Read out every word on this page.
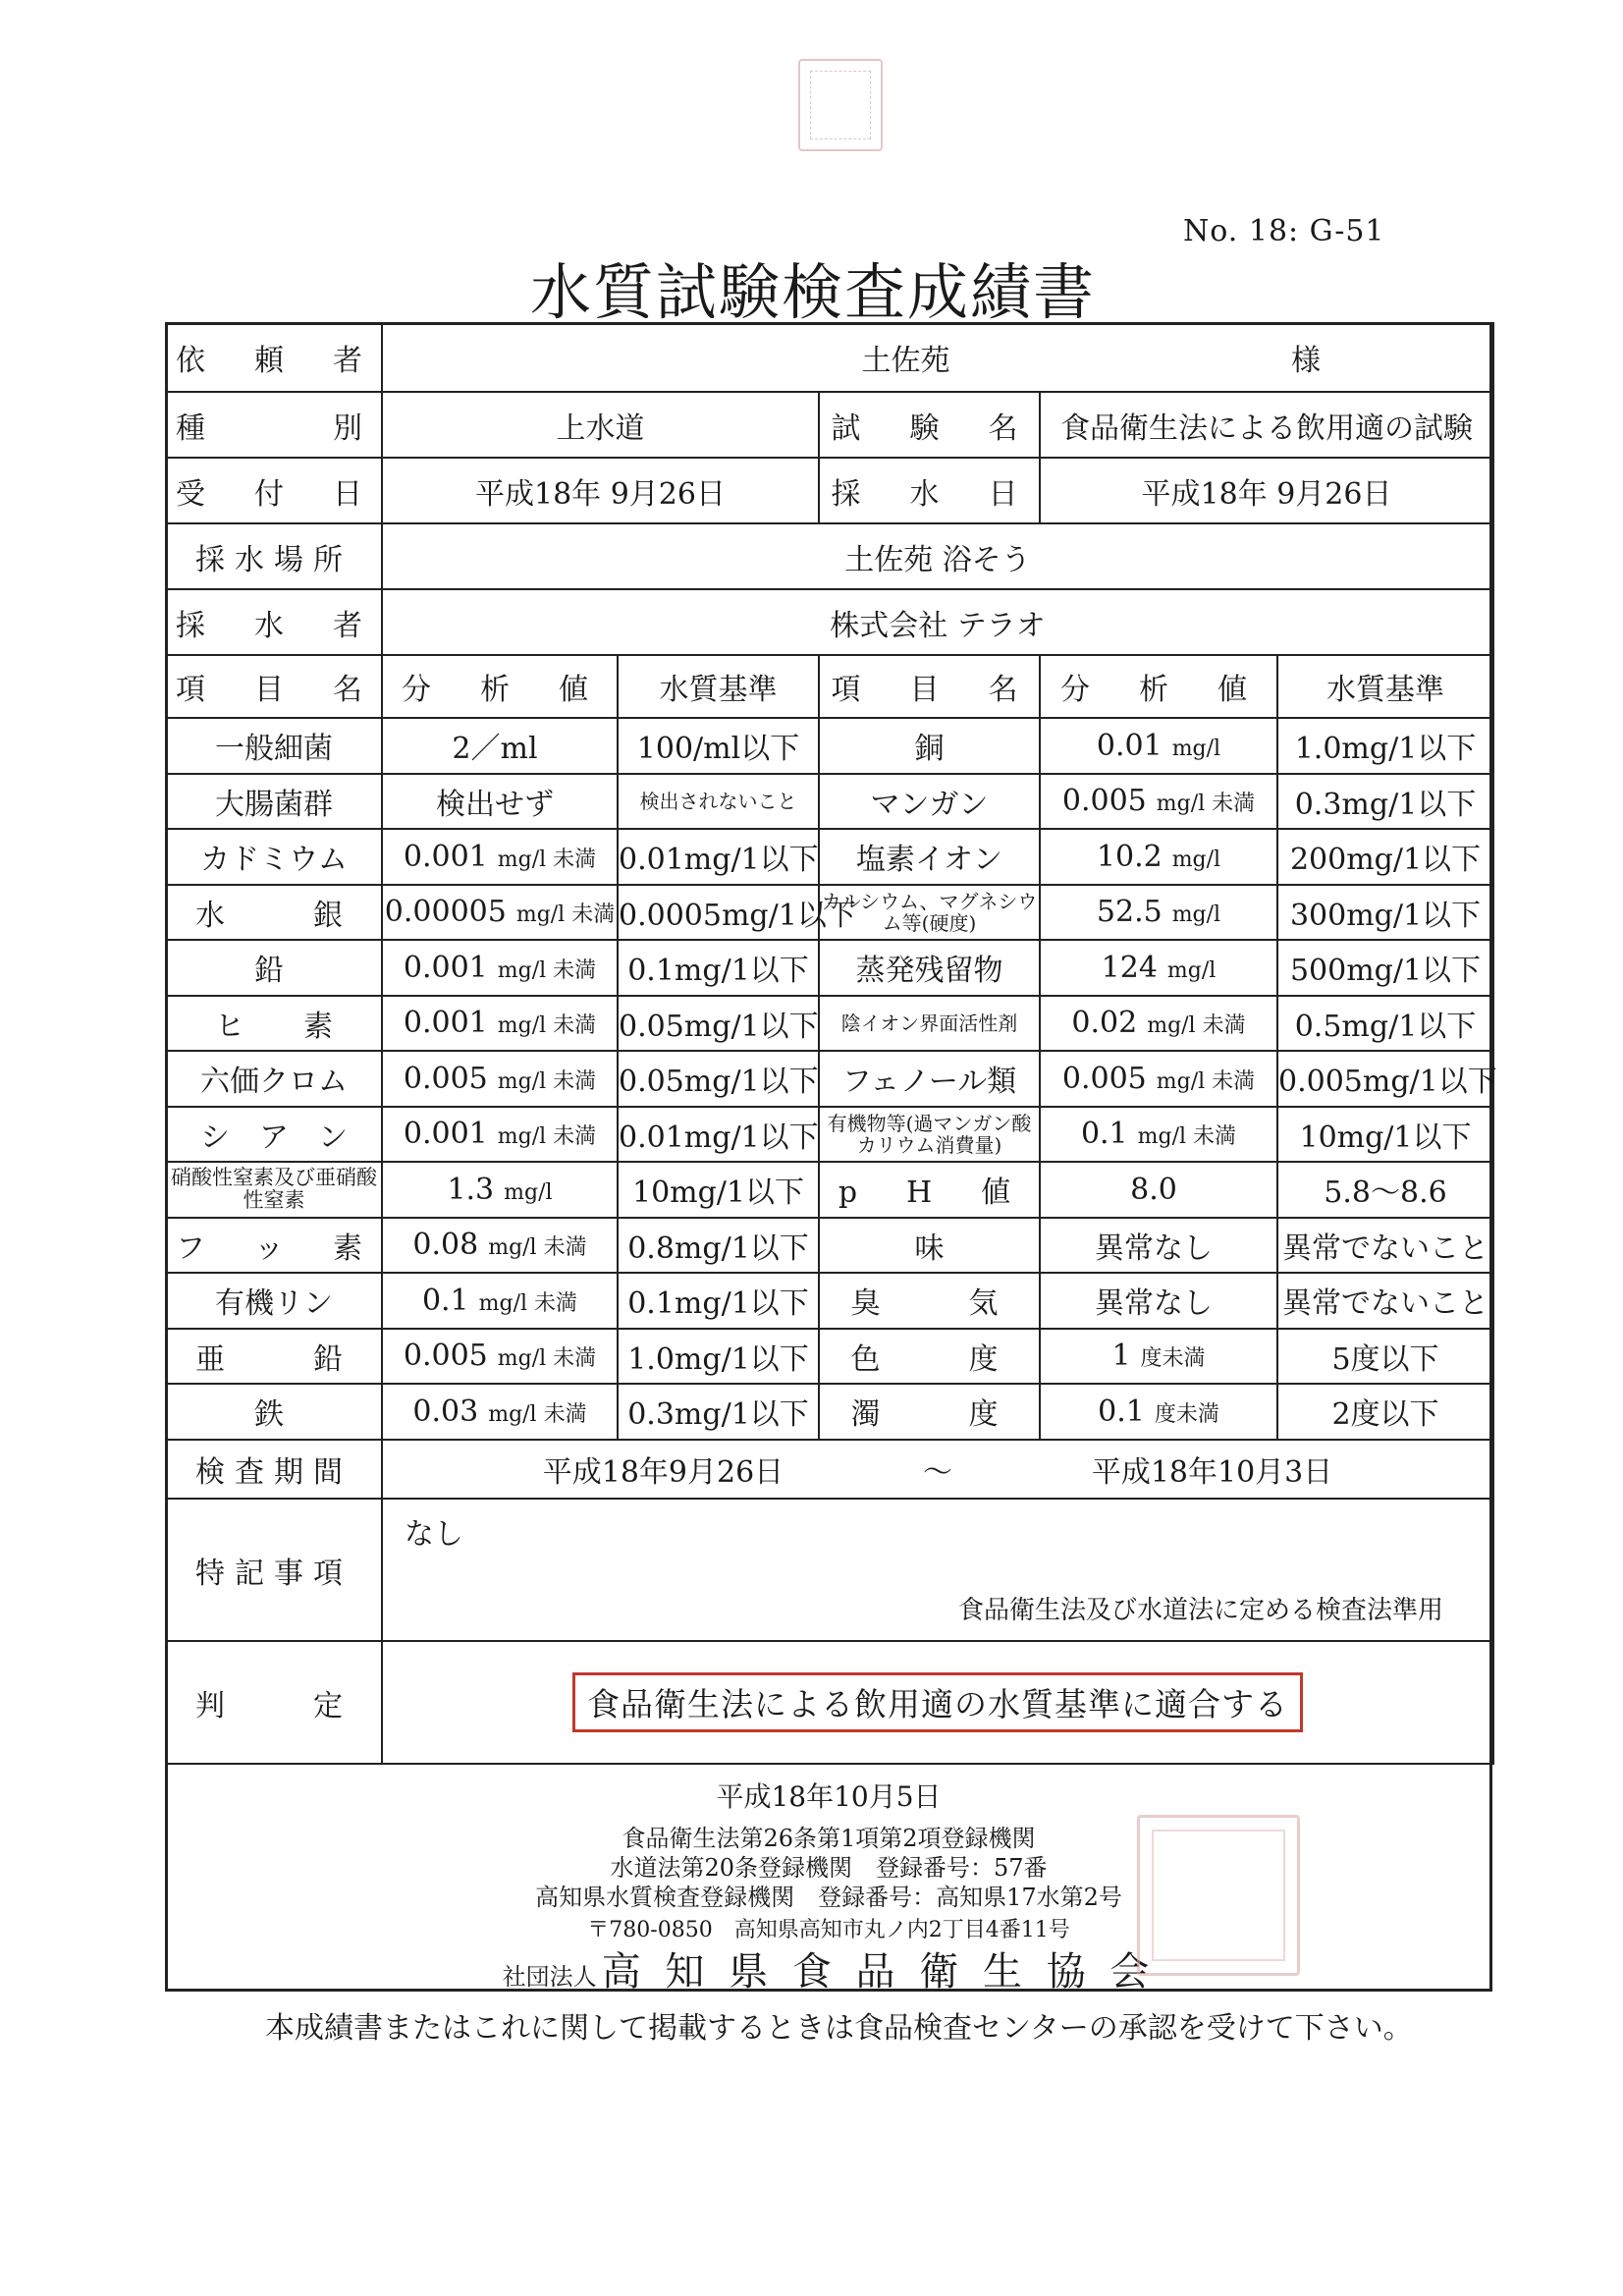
No. 18: G-51
水質試験検査成績書
依　頼　者	土佐苑 様		

種　　　別	上水道	試　験　名	食品衛生法による飲用適の試験
受　付　日	平成18年 9月26日	採　水　日	平成18年 9月26日
採水場所	土佐苑 浴そう		
採　水　者	株式会社 テラオ		
項　目　名	分　析　値	水質基準	項　目　名	分　析　値	水質基準
一般細菌	2／ml	100/ml以下	銅	0.01 mg/l	1.0mg/1以下
大腸菌群	検出せず	検出されないこと	マンガン	0.005 mg/l 未満	0.3mg/1以下
カドミウム	0.001 mg/l 未満	0.01mg/1以下	塩素イオン	10.2 mg/l	200mg/1以下
水　　銀	0.00005 mg/l 未満	0.0005mg/1以下	カルシウム、マグネシウム等(硬度)	52.5 mg/l	300mg/1以下
鉛	0.001 mg/l 未満	0.1mg/1以下	蒸発残留物	124 mg/l	500mg/1以下
ヒ　　素	0.001 mg/l 未満	0.05mg/1以下	陰イオン界面活性剤	0.02 mg/l 未満	0.5mg/1以下
六価クロム	0.005 mg/l 未満	0.05mg/1以下	フェノール類	0.005 mg/l 未満	0.005mg/1以下
シ　ア　ン	0.001 mg/l 未満	0.01mg/1以下	有機物等(過マンガン酸カリウム消費量)	0.1 mg/l 未満	10mg/1以下
硝酸性窒素及び亜硝酸性窒素	1.3 mg/l	10mg/1以下	p　H　値	8.0	5.8〜8.6
フ　ッ　素	0.08 mg/l 未満	0.8mg/1以下	味	異常なし	異常でないこと
有機リン	0.1 mg/l 未満	0.1mg/1以下	臭　　気	異常なし	異常でないこと
亜　　鉛	0.005 mg/l 未満	1.0mg/1以下	色　　度	1 度未満	5度以下
鉄	0.03 mg/l 未満	0.3mg/1以下	濁　　度	0.1 度未満	2度以下
検査期間	平成18年9月26日 〜 平成18年10月3日
特記事項	なし
食品衛生法及び水道法に定める検査法準用

判　　定	食品衛生法による飲用適の水質基準に適合する
平成18年10月5日
食品衛生法第26条第1項第2項登録機関
水道法第20条登録機関　登録番号：57番
高知県水質検査登録機関　登録番号：高知県17水第2号
〒780-0850　高知県高知市丸ノ内2丁目4番11号
社団法人 高 知 県 食 品 衛 生 協 会
本成績書またはこれに関して掲載するときは食品検査センターの承認を受けて下さい。
